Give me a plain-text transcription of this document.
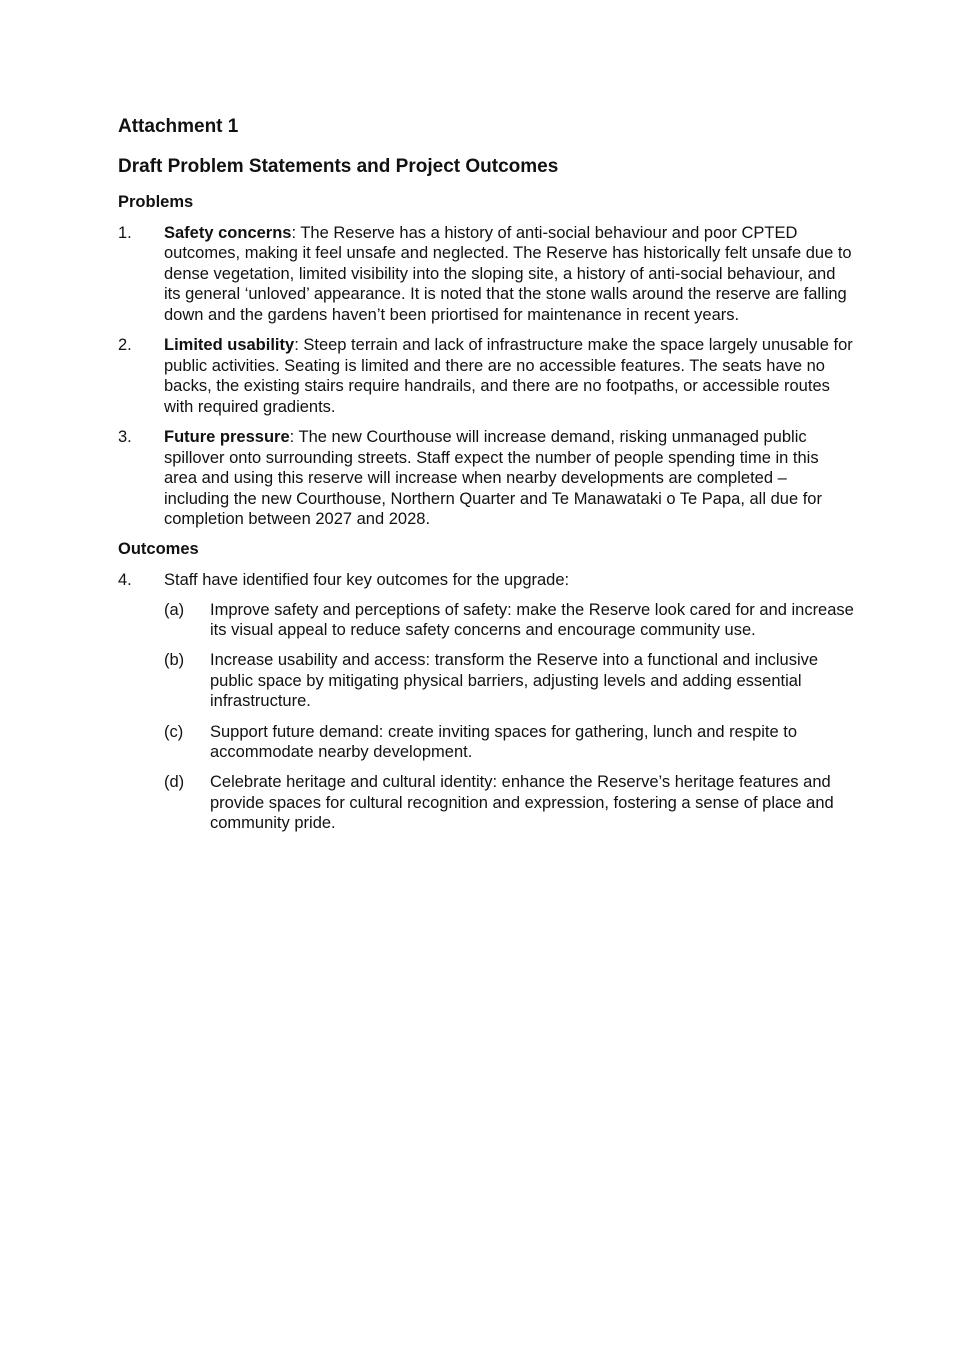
Attachment 1
Draft Problem Statements and Project Outcomes
Problems
1.	Safety concerns: The Reserve has a history of anti-social behaviour and poor CPTED outcomes, making it feel unsafe and neglected. The Reserve has historically felt unsafe due to dense vegetation, limited visibility into the sloping site, a history of anti-social behaviour, and its general ‘unloved’ appearance. It is noted that the stone walls around the reserve are falling down and the gardens haven’t been priortised for maintenance in recent years.
2.	Limited usability: Steep terrain and lack of infrastructure make the space largely unusable for public activities. Seating is limited and there are no accessible features. The seats have no backs, the existing stairs require handrails, and there are no footpaths, or accessible routes with required gradients.
3.	Future pressure: The new Courthouse will increase demand, risking unmanaged public spillover onto surrounding streets. Staff expect the number of people spending time in this area and using this reserve will increase when nearby developments are completed – including the new Courthouse, Northern Quarter and Te Manawataki o Te Papa, all due for completion between 2027 and 2028.
Outcomes
4.	Staff have identified four key outcomes for the upgrade:
(a)	Improve safety and perceptions of safety: make the Reserve look cared for and increase its visual appeal to reduce safety concerns and encourage community use.
(b)	Increase usability and access: transform the Reserve into a functional and inclusive public space by mitigating physical barriers, adjusting levels and adding essential infrastructure.
(c)	Support future demand: create inviting spaces for gathering, lunch and respite to accommodate nearby development.
(d)	Celebrate heritage and cultural identity: enhance the Reserve’s heritage features and provide spaces for cultural recognition and expression, fostering a sense of place and community pride.
